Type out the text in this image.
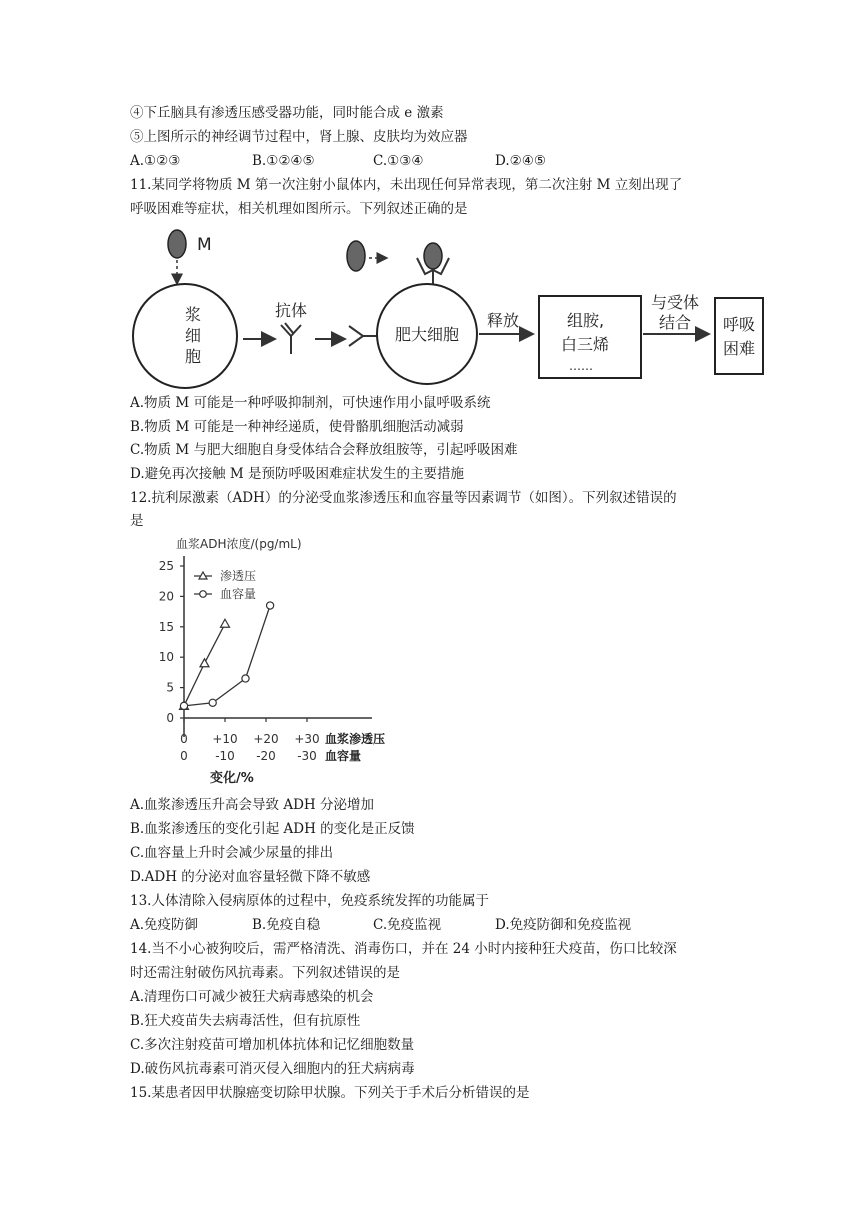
④下丘脑具有渗透压感受器功能，同时能合成 e 激素
⑤上图所示的神经调节过程中，肾上腺、皮肤均为效应器
A.①②③	B.①②④⑤	C.①③④	D.②④⑤
11.某同学将物质 M 第一次注射小鼠体内，未出现任何异常表现，第二次注射 M 立刻出现了
呼吸困难等症状，相关机理如图所示。下列叙述正确的是
M
浆
细
胞
抗体
肥大细胞
释放	组胺,
白三烯
……
与受体
结合 呼吸
困难
A.物质 M 可能是一种呼吸抑制剂，可快速作用小鼠呼吸系统
B.物质 M 可能是一种神经递质，使骨骼肌细胞活动减弱
C.物质 M 与肥大细胞自身受体结合会释放组胺等，引起呼吸困难
D.避免再次接触 M 是预防呼吸困难症状发生的主要措施
12.抗利尿激素（ADH）的分泌受血浆渗透压和血容量等因素调节（如图）。下列叙述错误的
是
血浆ADH浓度/(pg/mL)
0
5
10
15
20
25
0 +10 +20 +30 血浆渗透压
0 -10 -20 -30 血容量
渗透压
血容量
变化/%
A.血浆渗透压升高会导致 ADH 分泌增加
B.血浆渗透压的变化引起 ADH 的变化是正反馈
C.血容量上升时会减少尿量的排出
D.ADH 的分泌对血容量轻微下降不敏感
13.人体清除入侵病原体的过程中，免疫系统发挥的功能属于
A.免疫防御	B.免疫自稳	C.免疫监视	D.免疫防御和免疫监视
14.当不小心被狗咬后，需严格清洗、消毒伤口，并在 24 小时内接种狂犬疫苗，伤口比较深
时还需注射破伤风抗毒素。下列叙述错误的是
A.清理伤口可减少被狂犬病毒感染的机会
B.狂犬疫苗失去病毒活性，但有抗原性
C.多次注射疫苗可增加机体抗体和记忆细胞数量
D.破伤风抗毒素可消灭侵入细胞内的狂犬病病毒
15.某患者因甲状腺癌变切除甲状腺。下列关于手术后分析错误的是
